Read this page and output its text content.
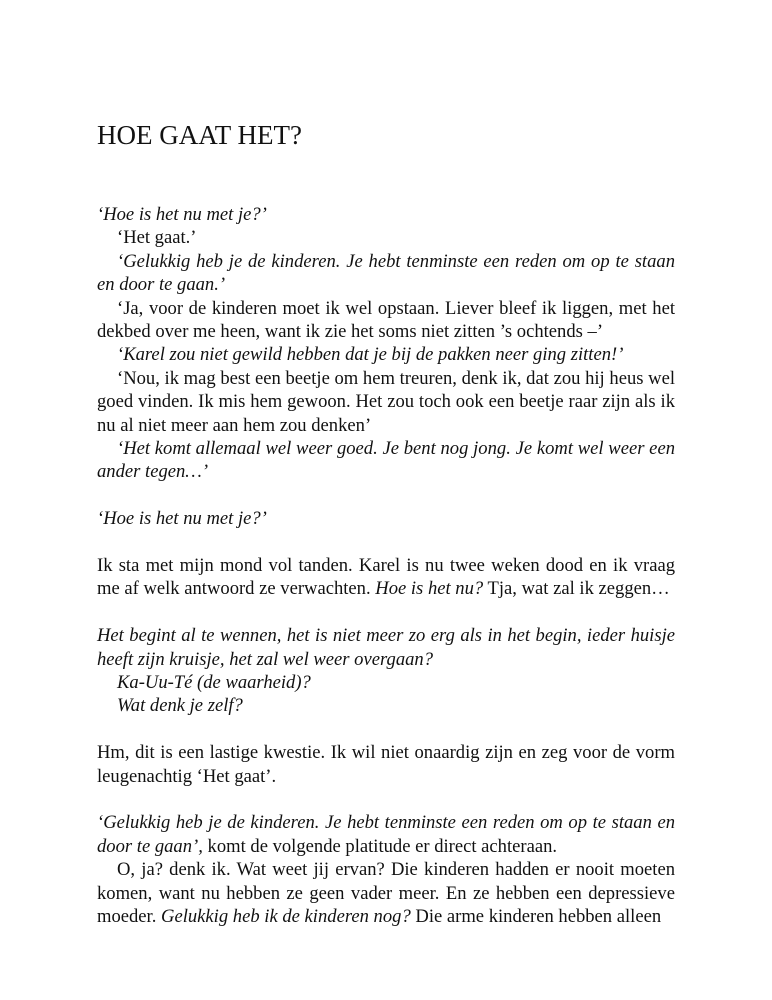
HOE GAAT HET?

‘Hoe is het nu met je?’

‘Het gaat.’

‘Gelukkig heb je de kinderen. Je hebt tenminste een reden om op te staan en door te gaan.’

‘Ja, voor de kinderen moet ik wel opstaan. Liever bleef ik liggen, met het dekbed over me heen, want ik zie het soms niet zitten ’s ochtends –’

‘Karel zou niet gewild hebben dat je bij de pakken neer ging zitten!’

‘Nou, ik mag best een beetje om hem treuren, denk ik, dat zou hij heus wel goed vinden. Ik mis hem gewoon. Het zou toch ook een beetje raar zijn als ik nu al niet meer aan hem zou denken’

‘Het komt allemaal wel weer goed. Je bent nog jong. Je komt wel weer een ander tegen…’

‘Hoe is het nu met je?’

Ik sta met mijn mond vol tanden. Karel is nu twee weken dood en ik vraag me af welk antwoord ze verwachten. Hoe is het nu? Tja, wat zal ik zeggen…

Het begint al te wennen, het is niet meer zo erg als in het begin, ieder huisje heeft zijn kruisje, het zal wel weer overgaan?

Ka-Uu-Té (de waarheid)?

Wat denk je zelf?

Hm, dit is een lastige kwestie. Ik wil niet onaardig zijn en zeg voor de vorm leugenachtig ‘Het gaat’.

‘Gelukkig heb je de kinderen. Je hebt tenminste een reden om op te staan en door te gaan’, komt de volgende platitude er direct achteraan.

O, ja? denk ik. Wat weet jij ervan? Die kinderen hadden er nooit moeten komen, want nu hebben ze geen vader meer. En ze hebben een depressieve moeder. Gelukkig heb ik de kinderen nog? Die arme kinderen hebben alleen
